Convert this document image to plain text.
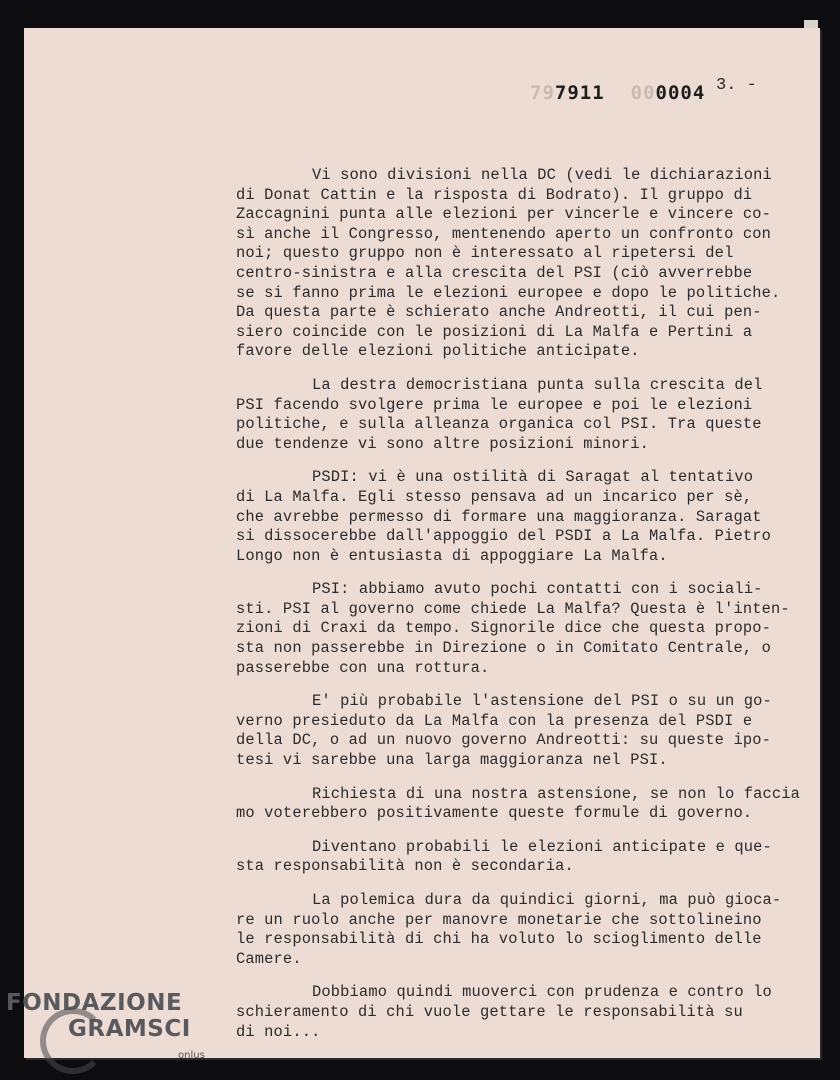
797911 000004 3. -
Vi sono divisioni nella DC (vedi le dichiarazioni
di Donat Cattin e la risposta di Bodrato). Il gruppo di
Zaccagnini punta alle elezioni per vincerle e vincere co-
sì anche il Congresso, mentenendo aperto un confronto con
noi; questo gruppo non è interessato al ripetersi del
centro-sinistra e alla crescita del PSI (ciò avverrebbe
se si fanno prima le elezioni europee e dopo le politiche.
Da questa parte è schierato anche Andreotti, il cui pen-
siero coincide con le posizioni di La Malfa e Pertini a
favore delle elezioni politiche anticipate.
La destra democristiana punta sulla crescita del
PSI facendo svolgere prima le europee e poi le elezioni
politiche, e sulla alleanza organica col PSI. Tra queste
due tendenze vi sono altre posizioni minori.
PSDI: vi è una ostilità di Saragat al tentativo
di La Malfa. Egli stesso pensava ad un incarico per sè,
che avrebbe permesso di formare una maggioranza. Saragat
si dissocerebbe dall'appoggio del PSDI a La Malfa. Pietro
Longo non è entusiasta di appoggiare La Malfa.
PSI: abbiamo avuto pochi contatti con i sociali-
sti. PSI al governo come chiede La Malfa? Questa è l'inten-
zioni di Craxi da tempo. Signorile dice che questa propo-
sta non passerebbe in Direzione o in Comitato Centrale, o
passerebbe con una rottura.
E' più probabile l'astensione del PSI o su un go-
verno presieduto da La Malfa con la presenza del PSDI e
della DC, o ad un nuovo governo Andreotti: su queste ipo-
tesi vi sarebbe una larga maggioranza nel PSI.
Richiesta di una nostra astensione, se non lo faccia
mo voterebbero positivamente queste formule di governo.
Diventano probabili le elezioni anticipate e que-
sta responsabilità non è secondaria.
La polemica dura da quindici giorni, ma può gioca-
re un ruolo anche per manovre monetarie che sottolineino
le responsabilità di chi ha voluto lo scioglimento delle
Camere.
Dobbiamo quindi muoverci con prudenza e contro lo
schieramento di chi vuole gettare le responsabilità su
di noi...
FONDAZIONE
GRAMSCI
onlus
